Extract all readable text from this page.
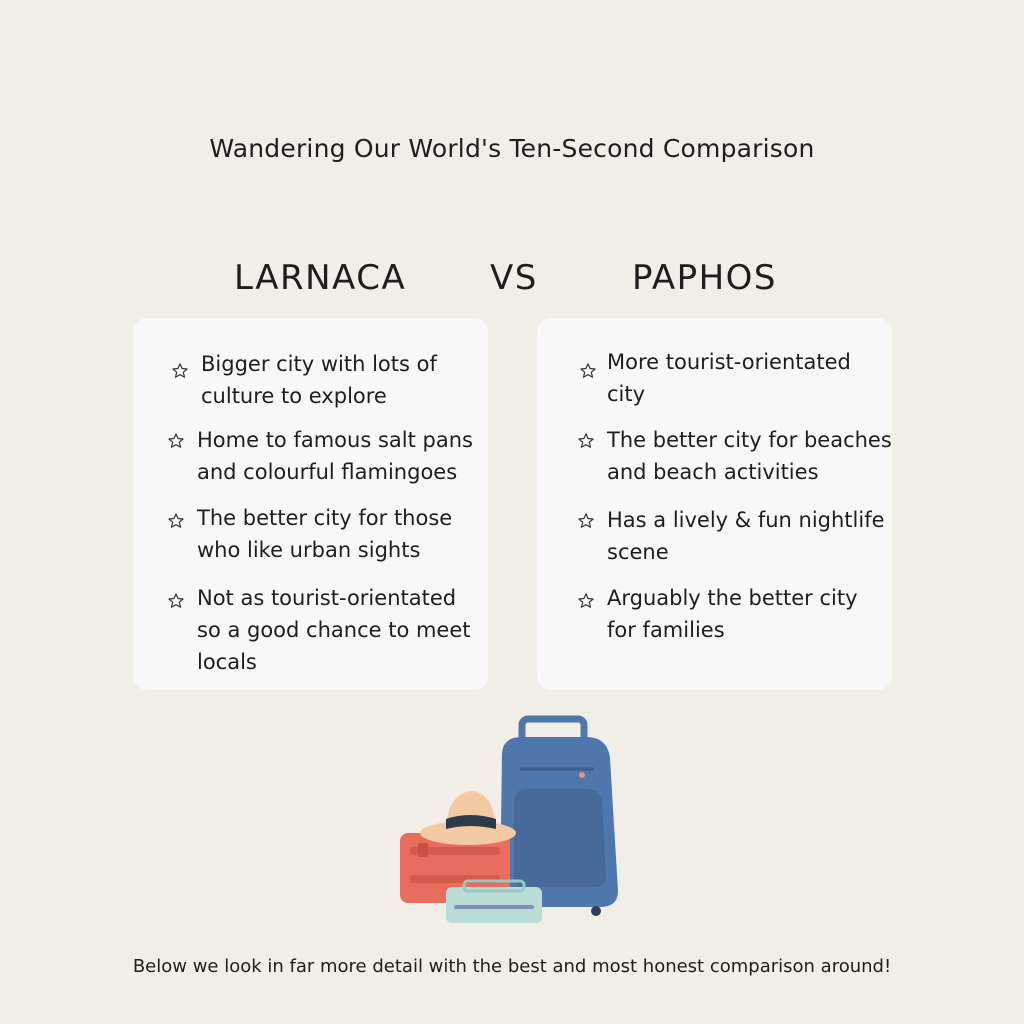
Wandering Our World's Ten-Second Comparison
LARNACA VS	PAPHOS
Bigger city with lots of
culture to explore
Home to famous salt pans
and colourful flamingoes
The better city for those
who like urban sights
Not as tourist-orientated
so a good chance to meet
locals
More tourist-orientated
city
The better city for beaches
and beach activities
Has a lively & fun nightlife
scene
Arguably the better city
for families
Below we look in far more detail with the best and most honest comparison around!
